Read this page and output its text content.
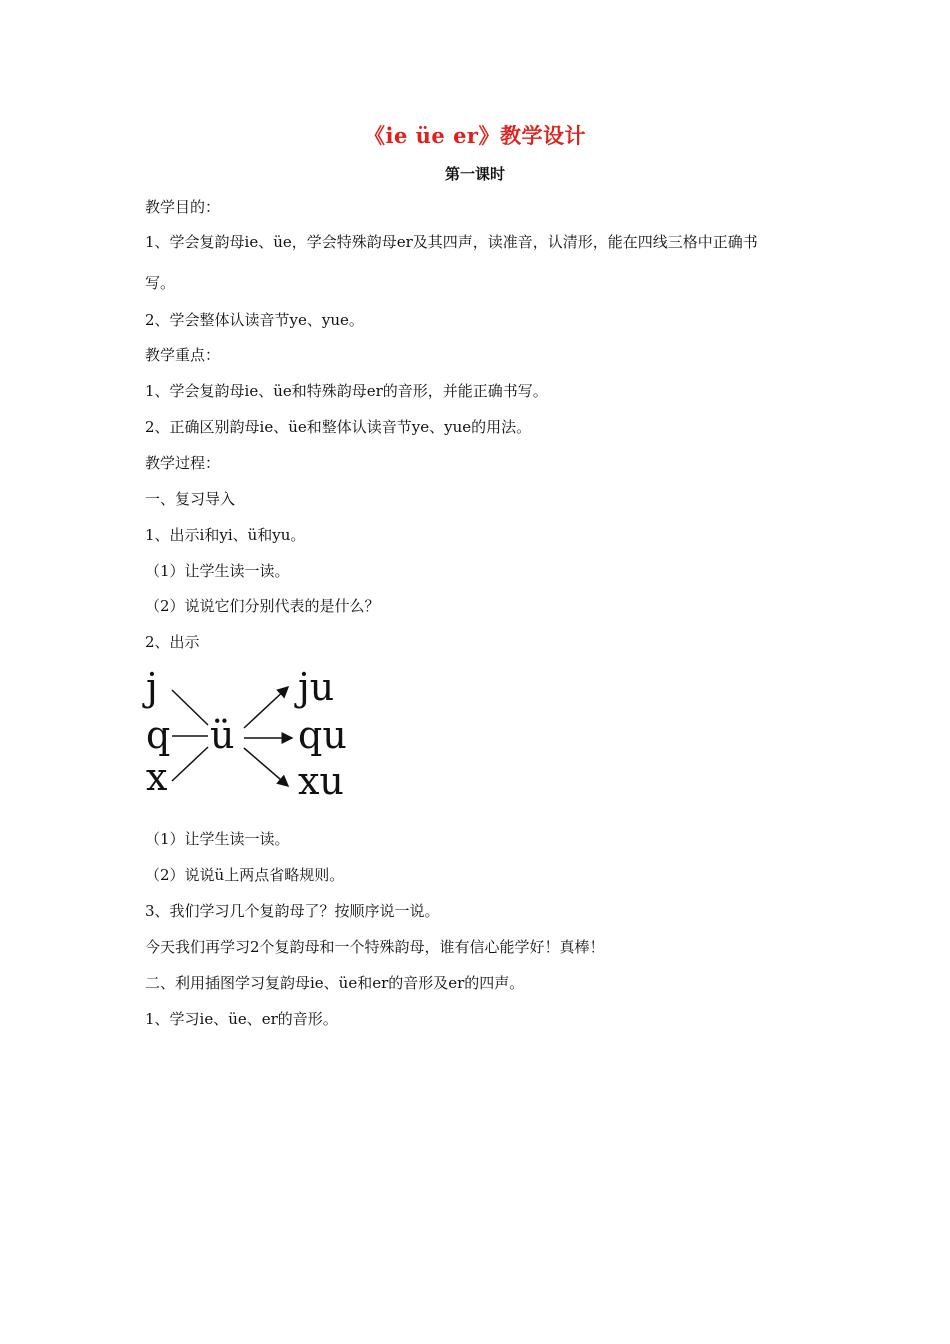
《ie üe er》教学设计
第一课时
教学目的：
1、学会复韵母ie、üe，学会特殊韵母er及其四声，读准音，认清形，能在四线三格中正确书
写。
2、学会整体认读音节ye、yue。
教学重点：
1、学会复韵母ie、üe和特殊韵母er的音形，并能正确书写。
2、正确区别韵母ie、üe和整体认读音节ye、yue的用法。
教学过程：
一、复习导入
1、出示i和yi、ü和yu。
（1）让学生读一读。
（2）说说它们分别代表的是什么？
2、出示
j
q
x
ü
ju
qu
xu
（1）让学生读一读。
（2）说说ü上两点省略规则。
3、我们学习几个复韵母了？按顺序说一说。
今天我们再学习2个复韵母和一个特殊韵母，谁有信心能学好！真棒！
二、利用插图学习复韵母ie、üe和er的音形及er的四声。
1、学习ie、üe、er的音形。
